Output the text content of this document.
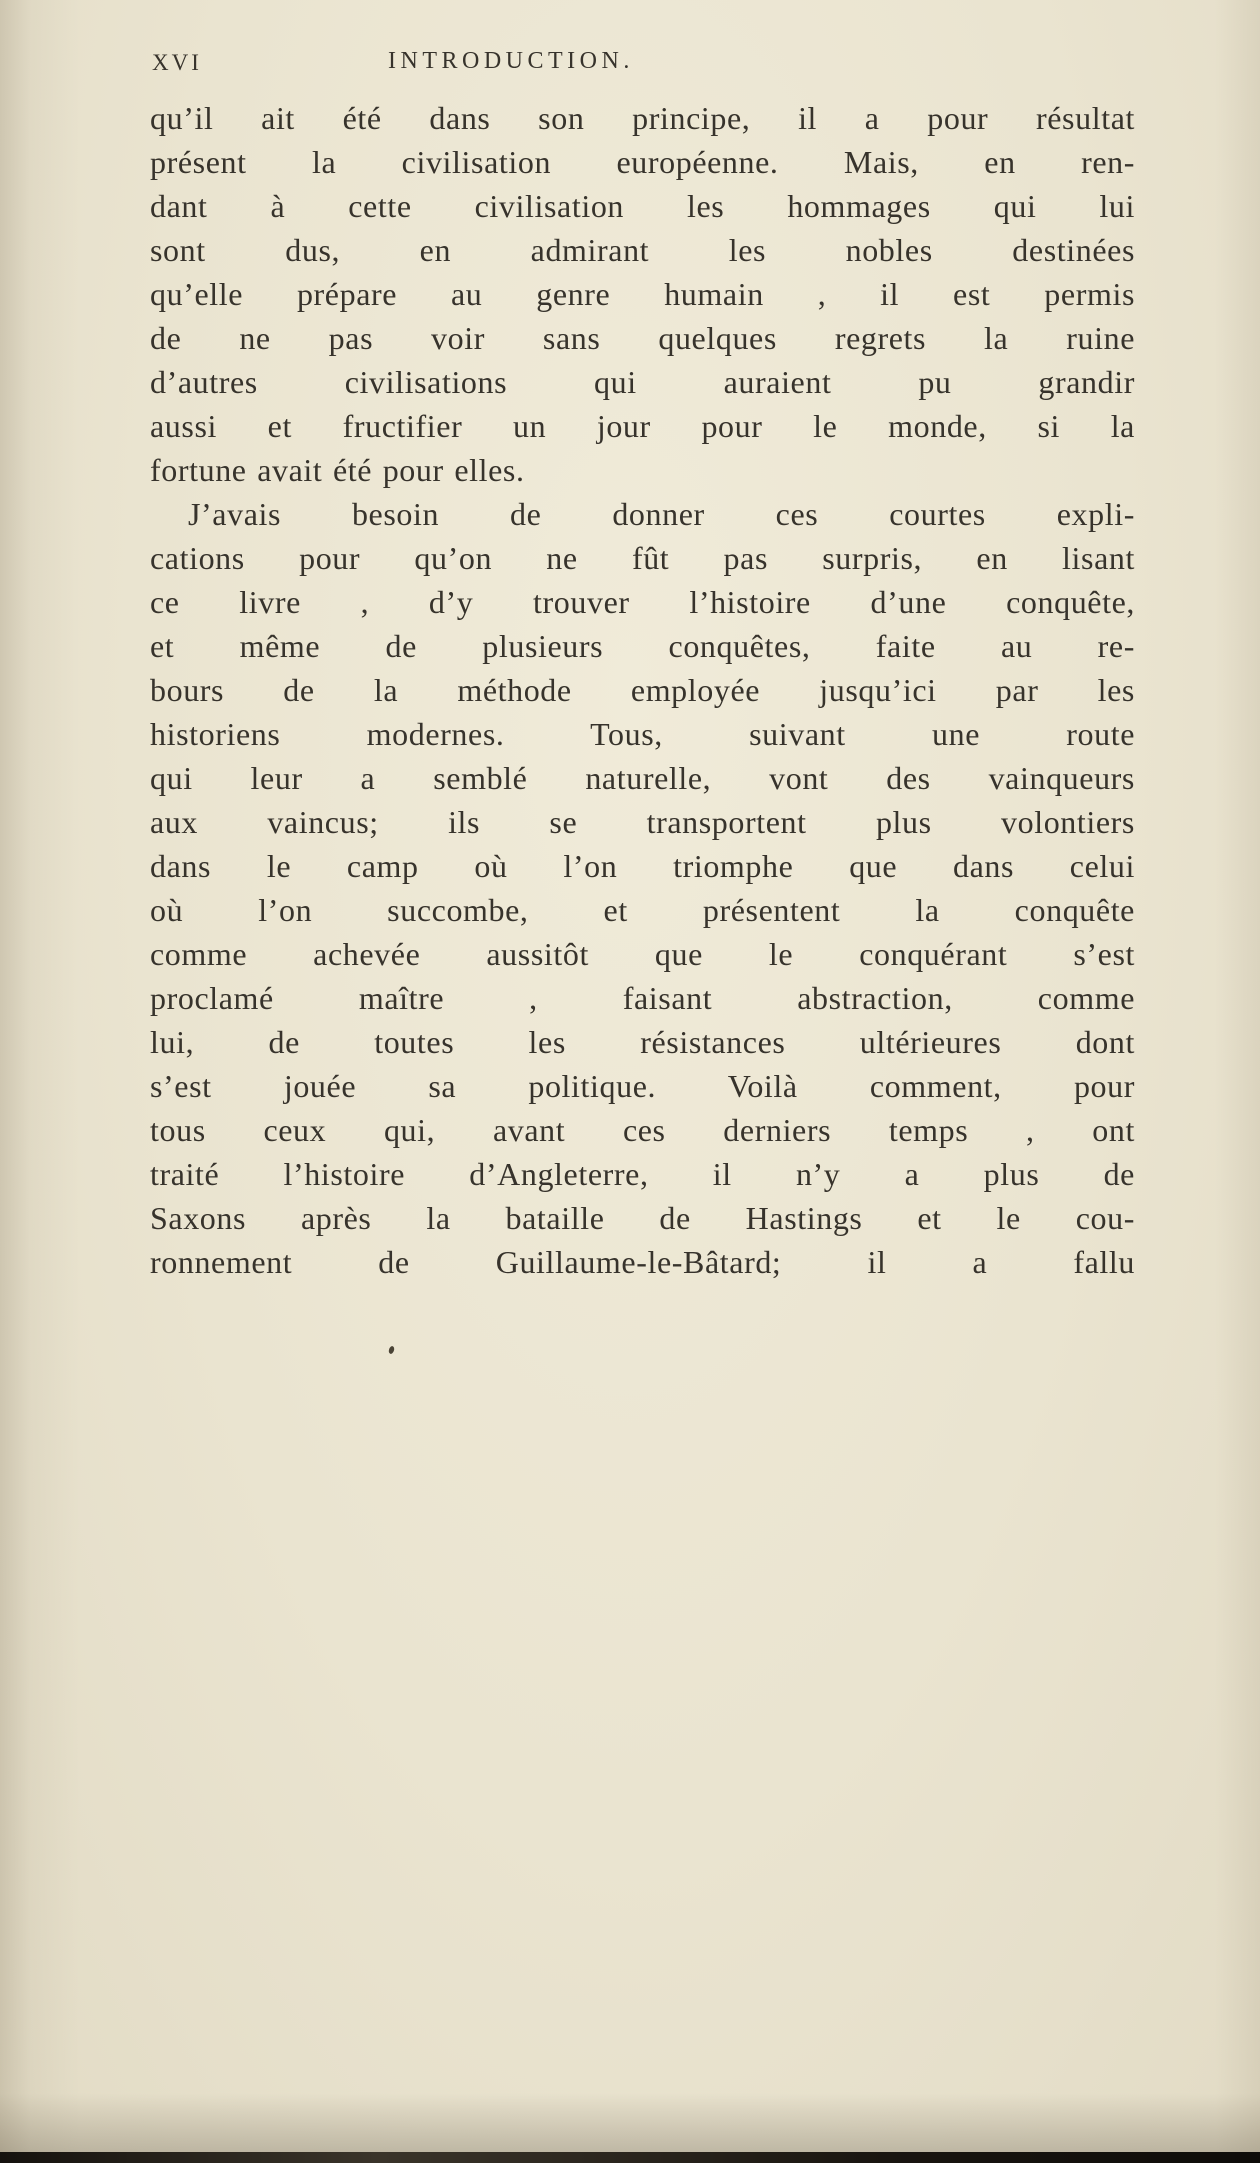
XVI	INTRODUCTION.
qu’il ait été dans son principe, il a pour résultat
présent la civilisation européenne. Mais, en ren-
dant à cette civilisation les hommages qui lui
sont dus, en admirant les nobles destinées
qu’elle prépare au genre humain , il est permis
de ne pas voir sans quelques regrets la ruine
d’autres civilisations qui auraient pu grandir
aussi et fructifier un jour pour le monde, si la
fortune avait été pour elles.
J’avais besoin de donner ces courtes expli-
cations pour qu’on ne fût pas surpris, en lisant
ce livre , d’y trouver l’histoire d’une conquête,
et même de plusieurs conquêtes, faite au re-
bours de la méthode employée jusqu’ici par les
historiens modernes. Tous, suivant une route
qui leur a semblé naturelle, vont des vainqueurs
aux vaincus; ils se transportent plus volontiers
dans le camp où l’on triomphe que dans celui
où l’on succombe, et présentent la conquête
comme achevée aussitôt que le conquérant s’est
proclamé maître , faisant abstraction, comme
lui, de toutes les résistances ultérieures dont
s’est jouée sa politique. Voilà comment, pour
tous ceux qui, avant ces derniers temps , ont
traité l’histoire d’Angleterre, il n’y a plus de
Saxons après la bataille de Hastings et le cou-
ronnement de Guillaume-le-Bâtard; il a fallu
